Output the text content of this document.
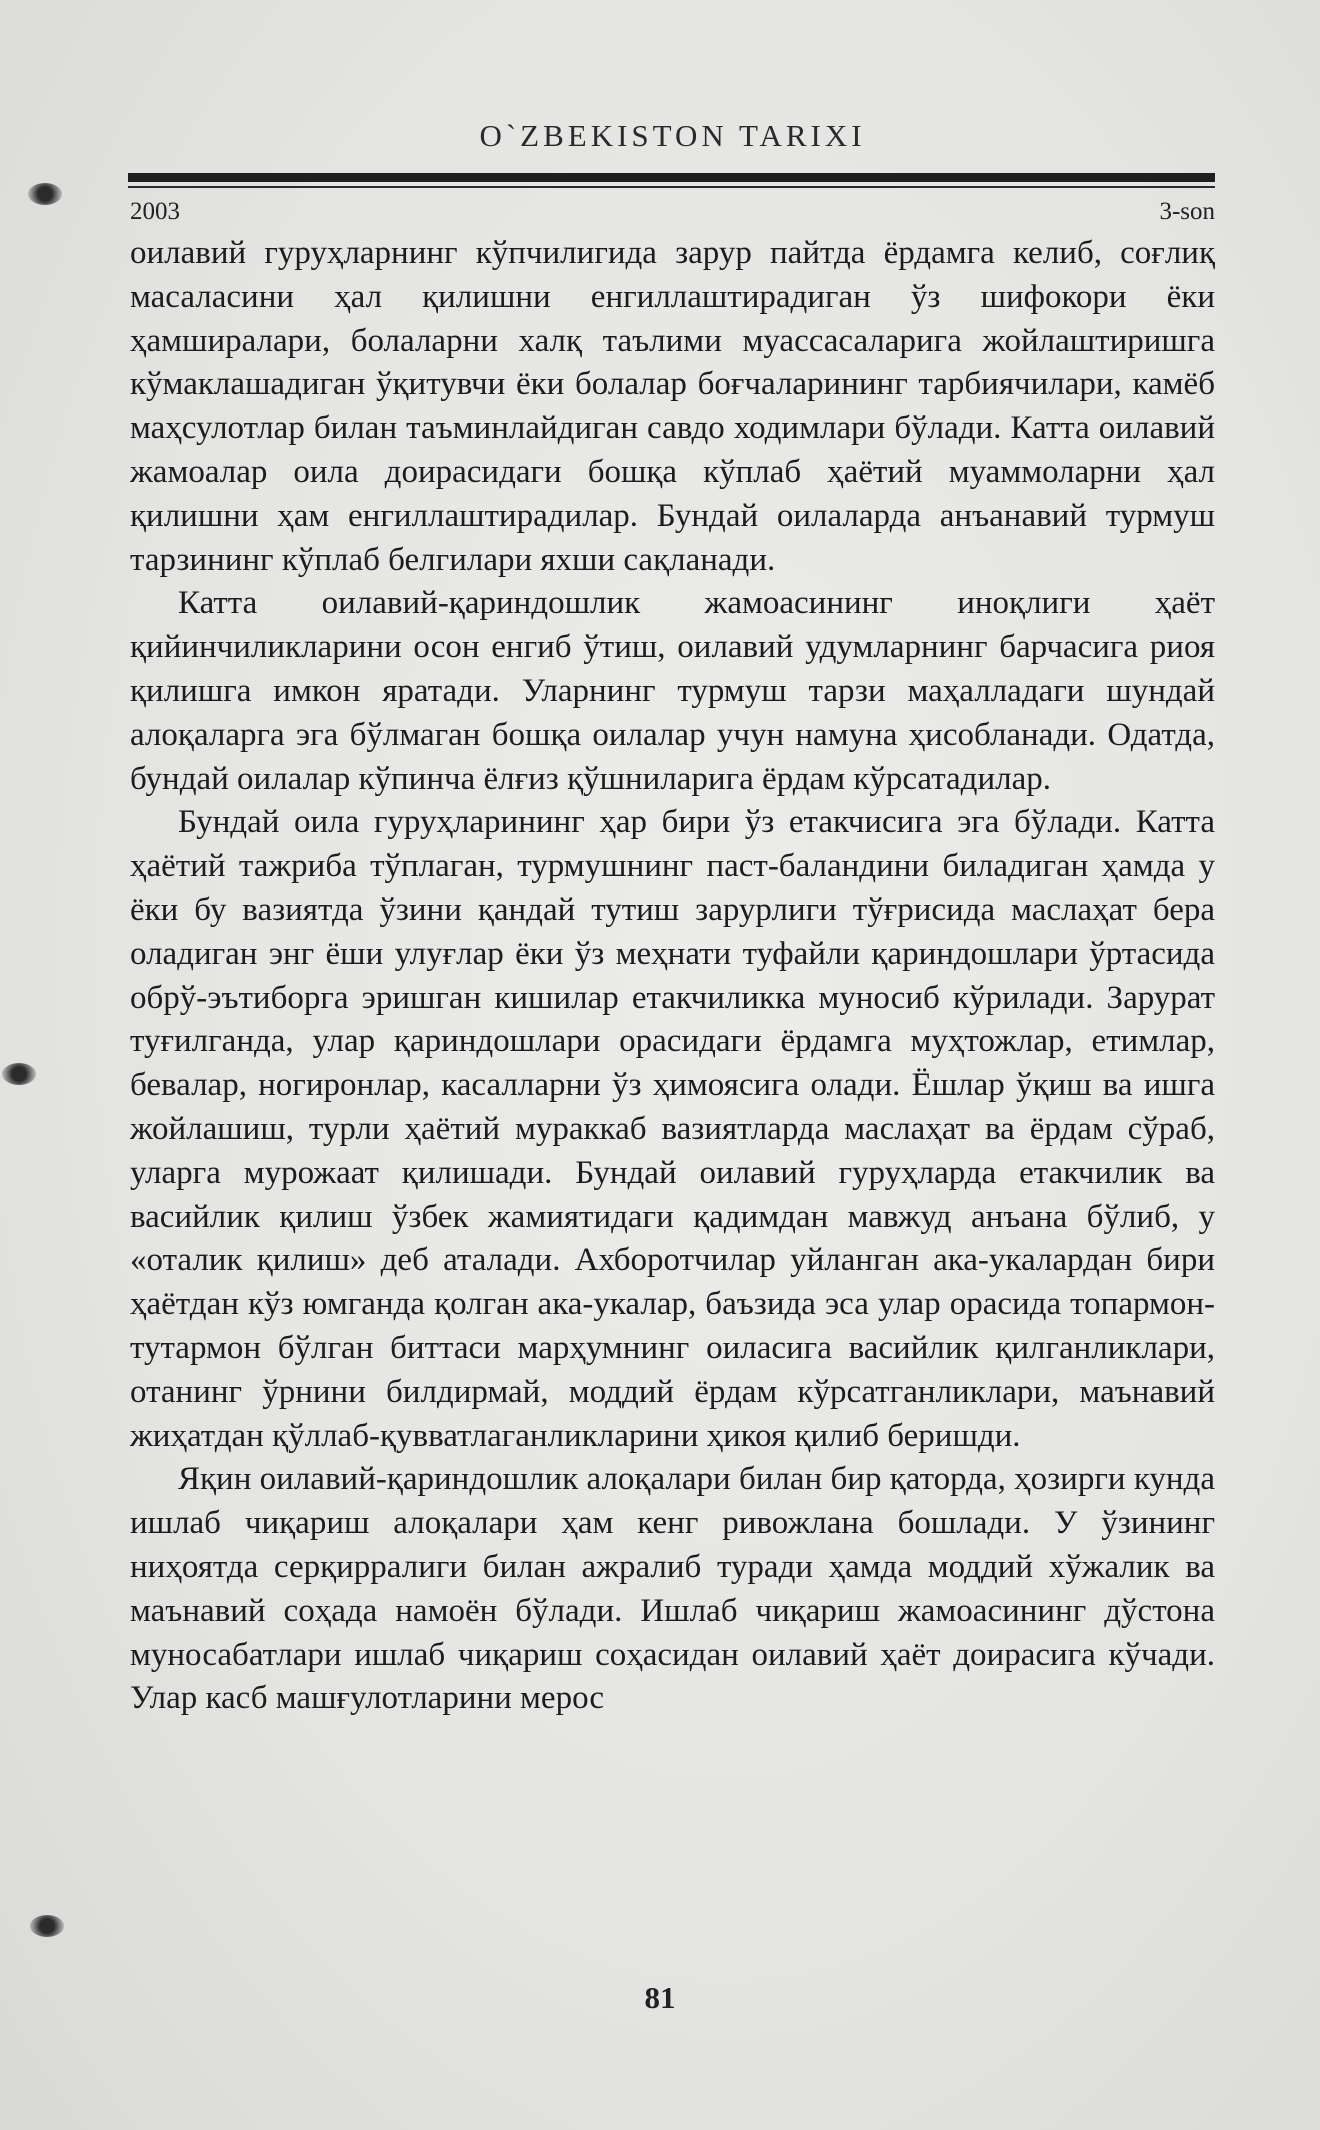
O`ZBEKISTON TARIXI
2003	3-son

оилавий гуруҳларнинг кўпчилигида зарур пайтда ёрдамга келиб, соғлиқ масаласини ҳал қилишни енгиллаштирадиган ўз шифокори ёки ҳамширалари, болаларни халқ таълими муассасаларига жойлаштиришга кўмаклашадиган ўқитувчи ёки болалар боғчаларининг тарбиячилари, камёб маҳсулотлар билан таъминлайдиган савдо ходимлари бўлади. Катта оилавий жамоалар оила доирасидаги бошқа кўплаб ҳаётий муаммоларни ҳал қилишни ҳам енгиллаштирадилар. Бундай оилаларда анъанавий турмуш тарзининг кўплаб белгилари яхши сақланади.

Катта оилавий-қариндошлик жамоасининг иноқлиги ҳаёт қийинчиликларини осон енгиб ўтиш, оилавий удумларнинг барчасига риоя қилишга имкон яратади. Уларнинг турмуш тарзи маҳалладаги шундай алоқаларга эга бўлмаган бошқа оилалар учун намуна ҳисобланади. Одатда, бундай оилалар кўпинча ёлғиз қўшниларига ёрдам кўрсатадилар.

Бундай оила гуруҳларининг ҳар бири ўз етакчисига эга бўлади. Катта ҳаётий тажриба тўплаган, турмушнинг паст-баландини биладиган ҳамда у ёки бу вазиятда ўзини қандай тутиш зарурлиги тўғрисида маслаҳат бера оладиган энг ёши улуғлар ёки ўз меҳнати туфайли қариндошлари ўртасида обрў-эътиборга эришган кишилар етакчиликка муносиб кўрилади. Зарурат туғилганда, улар қариндошлари орасидаги ёрдамга муҳтожлар, етимлар, бевалар, ногиронлар, касалларни ўз ҳимоясига олади. Ёшлар ўқиш ва ишга жойлашиш, турли ҳаётий мураккаб вазиятларда маслаҳат ва ёрдам сўраб, уларга мурожаат қилишади. Бундай оилавий гуруҳларда етакчилик ва васийлик қилиш ўзбек жамиятидаги қадимдан мавжуд анъана бўлиб, у «оталик қилиш» деб аталади. Ахборотчилар уйланган ака-укалардан бири ҳаётдан кўз юмганда қолган ака-укалар, баъзида эса улар орасида топармон-тутармон бўлган биттаси марҳумнинг оиласига васийлик қилганликлари, отанинг ўрнини билдирмай, моддий ёрдам кўрсатганликлари, маънавий жиҳатдан қўллаб-қувватлаганликларини ҳикоя қилиб беришди.

Яқин оилавий-қариндошлик алоқалари билан бир қаторда, ҳозирги кунда ишлаб чиқариш алоқалари ҳам кенг ривожлана бошлади. У ўзининг ниҳоятда серқирралиги билан ажралиб туради ҳамда моддий хўжалик ва маънавий соҳада намоён бўлади. Ишлаб чиқариш жамоасининг дўстона муносабатлари ишлаб чиқариш соҳасидан оилавий ҳаёт доирасига кўчади. Улар касб машғулотларини мерос

81
